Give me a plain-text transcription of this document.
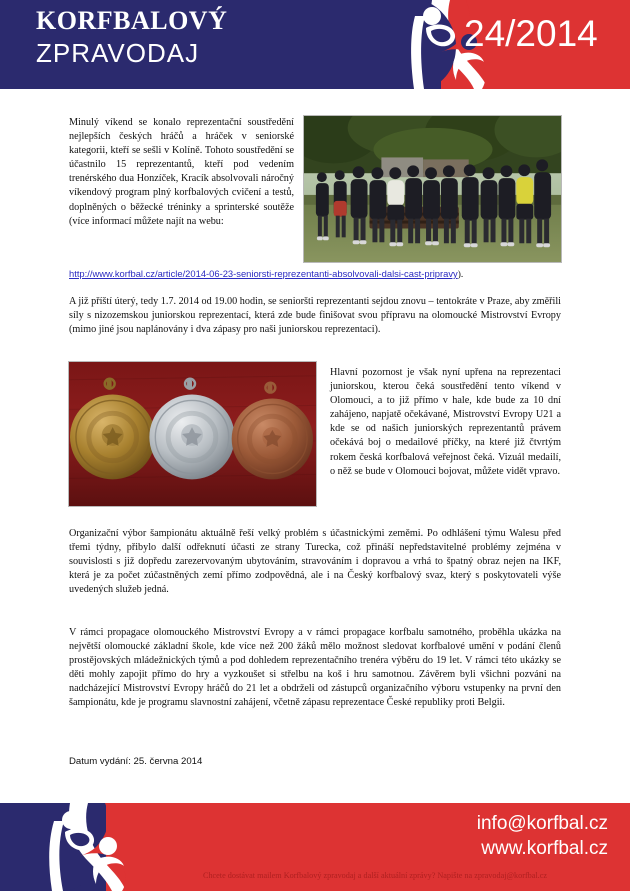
KORFBALOVÝ
ZPRAVODAJ	24/2014

Minulý víkend se konalo reprezentační soustředění nejlepších českých hráčů a hráček v seniorské kategorii, kteří se sešli v Kolíně. Tohoto soustředění se účastnilo 15 reprezentantů, kteří pod vedením trenérského dua Honzíček, Kracík absolvovali náročný víkendový program plný korfbalových cvičení a testů, doplněných o běžecké tréninky a sprinterské soutěže (více informací můžete najít na webu:

http://www.korfbal.cz/article/2014-06-23-seniorsti-reprezentanti-absolvovali-dalsi-cast-pripravy).

A již příští úterý, tedy 1.7. 2014 od 19.00 hodin, se senioršti reprezentanti sejdou znovu – tentokráte v Praze, aby změřili síly s nizozemskou juniorskou reprezentací, která zde bude finišovat svou přípravu na olomoucké Mistrovství Evropy (mimo jiné jsou naplánovány i dva zápasy pro naši juniorskou reprezentaci).

Hlavní pozornost je však nyní upřena na reprezentaci juniorskou, kterou čeká soustředění tento víkend v Olomouci, a to již přímo v hale, kde bude za 10 dní zahájeno, napjatě očekávané, Mistrovství Evropy U21 a kde se od našich juniorských reprezentantů právem očekává boj o medailové příčky, na které již čtvrtým rokem česká korfbalová veřejnost čeká. Vizuál medailí, o něž se bude v Olomouci bojovat, můžete vidět vpravo.

Organizační výbor šampionátu aktuálně řeší velký problém s účastnickými zeměmi. Po odhlášení týmu Walesu před třemi týdny, přibylo další odřeknutí účasti ze strany Turecka, což přináší nepředstavitelné problémy zejména v souvislosti s již dopředu zarezervovaným ubytováním, stravováním i dopravou a vrhá to špatný obraz nejen na IKF, která je za počet zúčastněných zemí přímo zodpovědná, ale i na Český korfbalový svaz, který s poskytovateli výše uvedených služeb jedná.

V rámci propagace olomouckého Mistrovství Evropy a v rámci propagace korfbalu samotného, proběhla ukázka na největší olomoucké základní škole, kde více než 200 žáků mělo možnost sledovat korfbalové umění v podání členů prostějovských mládežnických týmů a pod dohledem reprezentačního trenéra výběru do 19 let. V rámci této ukázky se děti mohly zapojit přímo do hry a vyzkoušet si střelbu na koš i hru samotnou. Závěrem byli všichni pozváni na nadcházející Mistrovství Evropy hráčů do 21 let a obdrželi od zástupců organizačního výboru vstupenky na první den šampionátu, kde je programu slavnostní zahájení, včetně zápasu reprezentace České republiky proti Belgii.

Datum vydání: 25. června 2014

info@korfbal.cz
www.korfbal.cz
Chcete dostávat mailem Korfbalový zpravodaj a další aktuální zprávy? Napište na zpravodaj@korfbal.cz
